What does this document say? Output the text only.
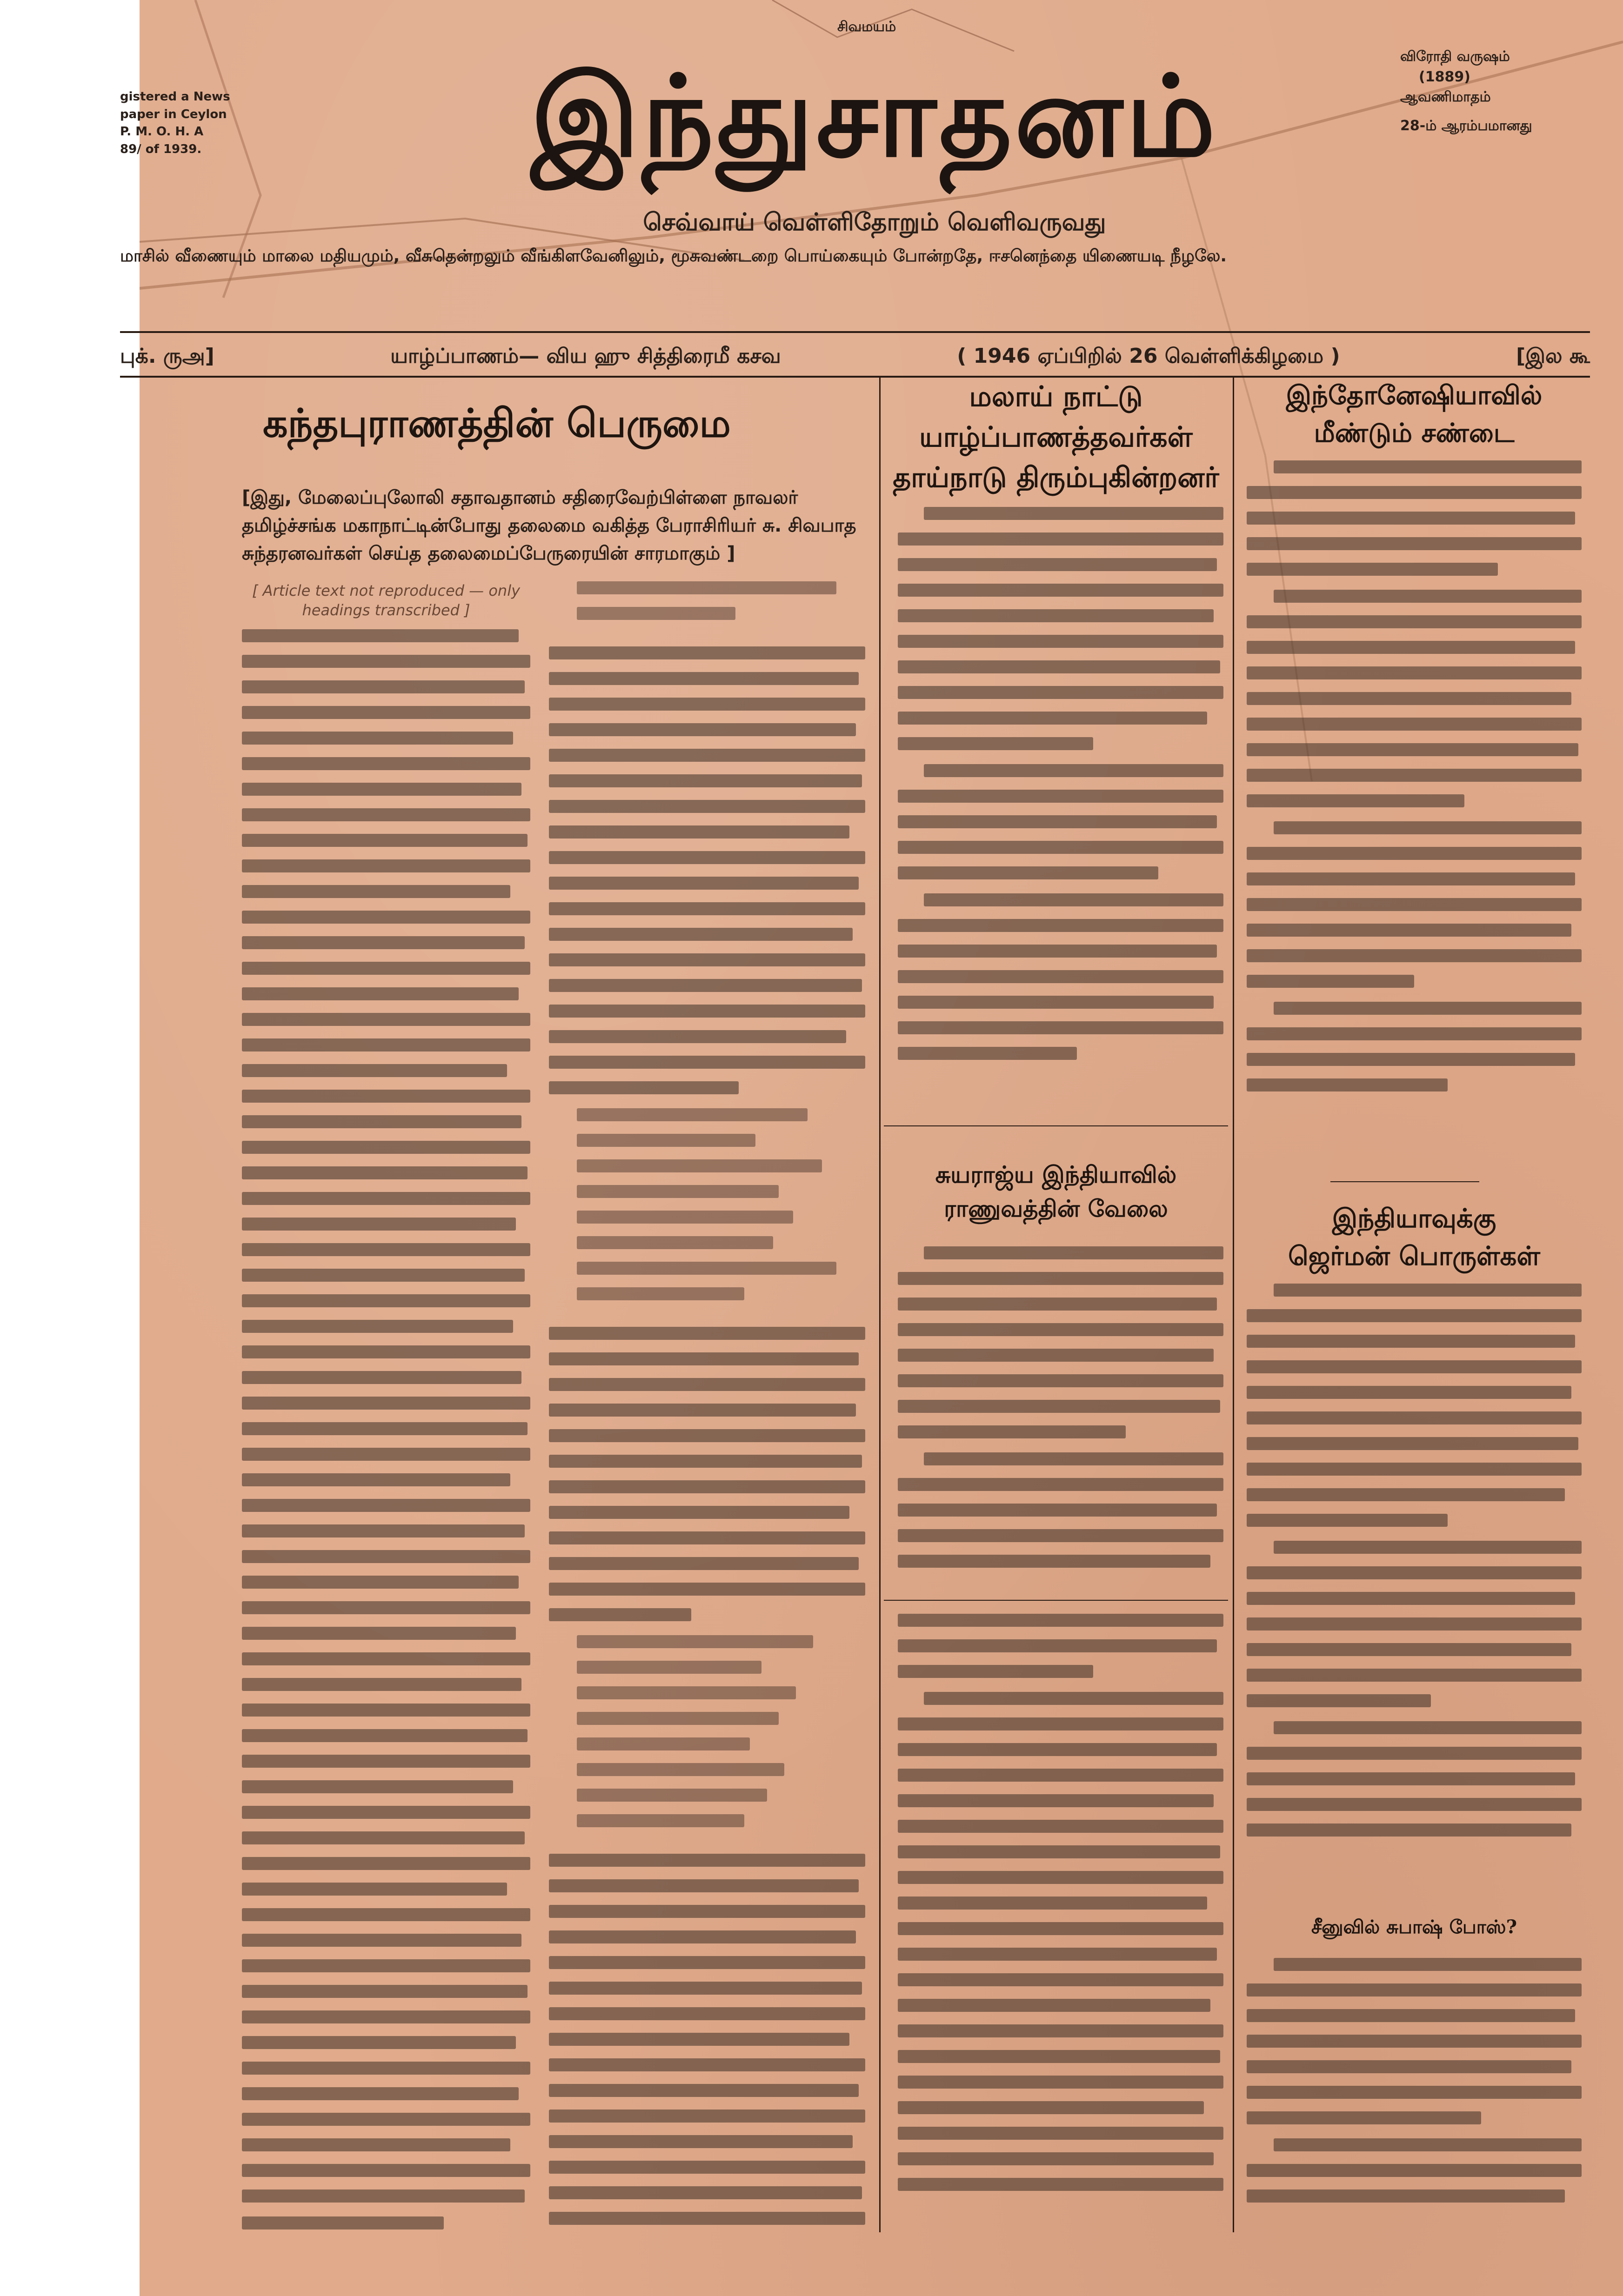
சிவமயம்
gistered a News
paper in Ceylon
P. M. O. H. A
89/ of 1939.	இந்துசாதனம்	விரோதி வருஷம்
(1889)
ஆவணிமாதம்
28-ம் ஆரம்பமானது
செவ்வாய் வெள்ளிதோறும் வெளிவருவது
மாசில் வீணையும் மாலை மதியமும், வீசுதென்றலும் வீங்கிளவேனிலும், மூசுவண்டறை பொய்கையும் போன்றதே, ஈசனெந்தை யிணையடி நீழலே.
புக். ருஅ]	யாழ்ப்பாணம்— விய ஹு சித்திரைமீ கசவ	( 1946 ஏப்பிறில் 26 வெள்ளிக்கிழமை )	[இல கூ
கந்தபுராணத்தின் பெருமை
[இது, மேலைப்புலோலி சதாவதானம் சதிரைவேற்பிள்ளை நாவலர் தமிழ்ச்சங்க மகாநாட்டின்போது தலைமை வகித்த பேராசிரியர் சு. சிவபாத சுந்தரனவர்கள் செய்த தலைமைப்பேருரையின் சாரமாகும் ]
[ Article text not reproduced — only headings transcribed ]
மலாய் நாட்டு
யாழ்ப்பாணத்தவர்கள்
தாய்நாடு திரும்புகின்றனர்
சுயராஜ்ய இந்தியாவில்
ராணுவத்தின் வேலை
இந்தோனேஷியாவில்
மீண்டும் சண்டை
இந்தியாவுக்கு
ஜெர்மன் பொருள்கள்
சீனுவில் சுபாஷ் போஸ்?
